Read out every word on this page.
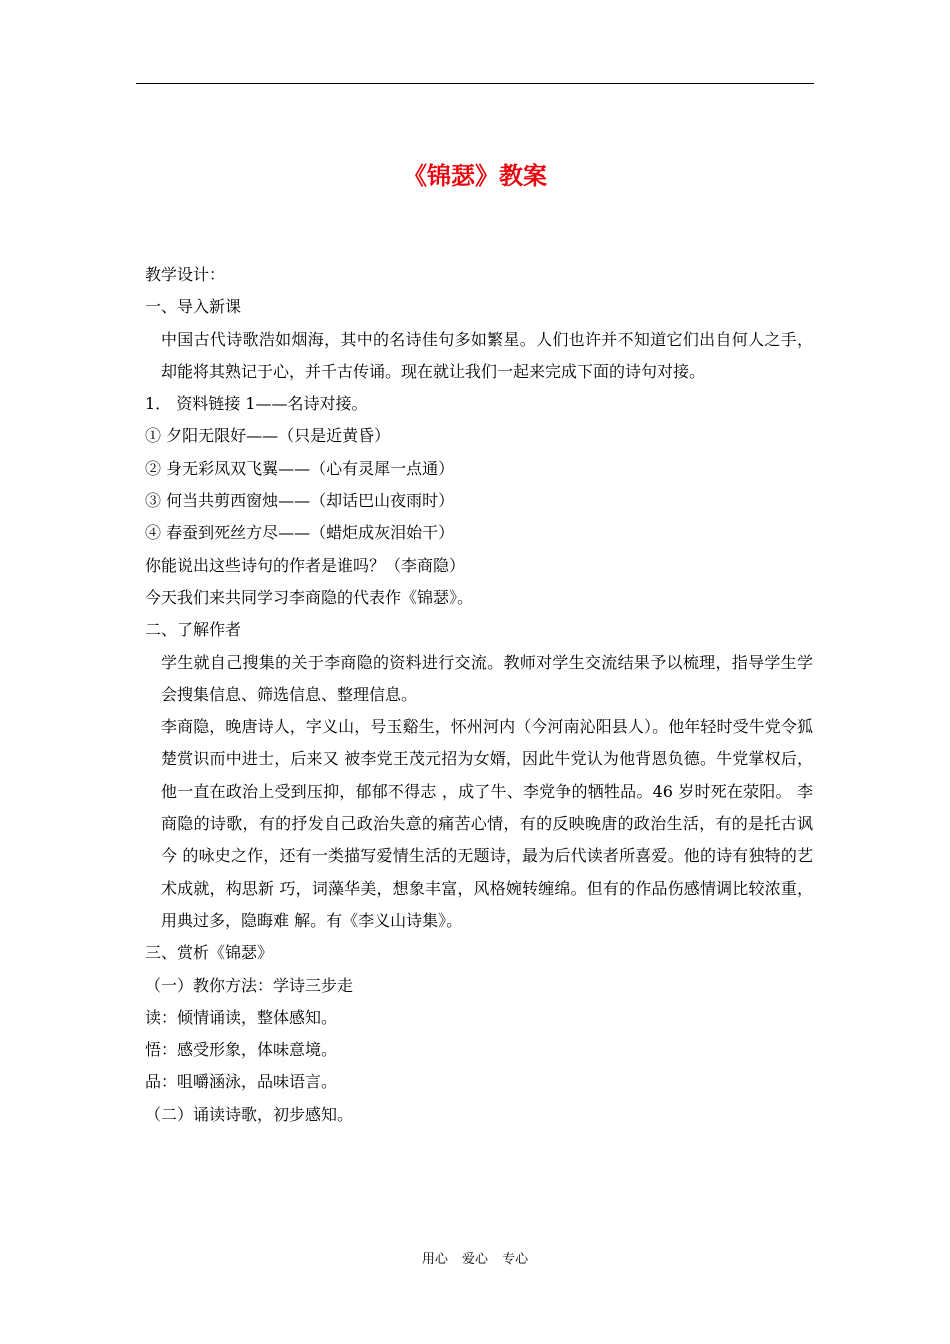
《锦瑟》教案
教学设计：
一、导入新课
中国古代诗歌浩如烟海，其中的名诗佳句多如繁星。人们也许并不知道它们出自何人之手，却能将其熟记于心，并千古传诵。现在就让我们一起来完成下面的诗句对接。
1． 资料链接 1——名诗对接。
① 夕阳无限好——（只是近黄昏）
② 身无彩凤双飞翼——（心有灵犀一点通）
③ 何当共剪西窗烛——（却话巴山夜雨时）
④ 春蚕到死丝方尽——（蜡炬成灰泪始干）
你能说出这些诗句的作者是谁吗？（李商隐）
今天我们来共同学习李商隐的代表作《锦瑟》。
二、了解作者
学生就自己搜集的关于李商隐的资料进行交流。教师对学生交流结果予以梳理，指导学生学会搜集信息、筛选信息、整理信息。
李商隐，晚唐诗人，字义山，号玉谿生，怀州河内（今河南沁阳县人）。他年轻时受牛党令狐楚赏识而中进士，后来又 被李党王茂元招为女婿，因此牛党认为他背恩负德。牛党掌权后，他一直在政治上受到压抑，郁郁不得志 ，成了牛、李党争的牺牲品。46 岁时死在荥阳。 李商隐的诗歌，有的抒发自己政治失意的痛苦心情，有的反映晚唐的政治生活，有的是托古讽今 的咏史之作，还有一类描写爱情生活的无题诗，最为后代读者所喜爱。他的诗有独特的艺术成就，构思新 巧，词藻华美，想象丰富，风格婉转缠绵。但有的作品伤感情调比较浓重，用典过多，隐晦难 解。有《李义山诗集》。
三、赏析《锦瑟》
（一）教你方法：学诗三步走
读：倾情诵读，整体感知。
悟：感受形象，体味意境。
品：咀嚼涵泳，品味语言。
（二）诵读诗歌，初步感知。
用心 爱心 专心
